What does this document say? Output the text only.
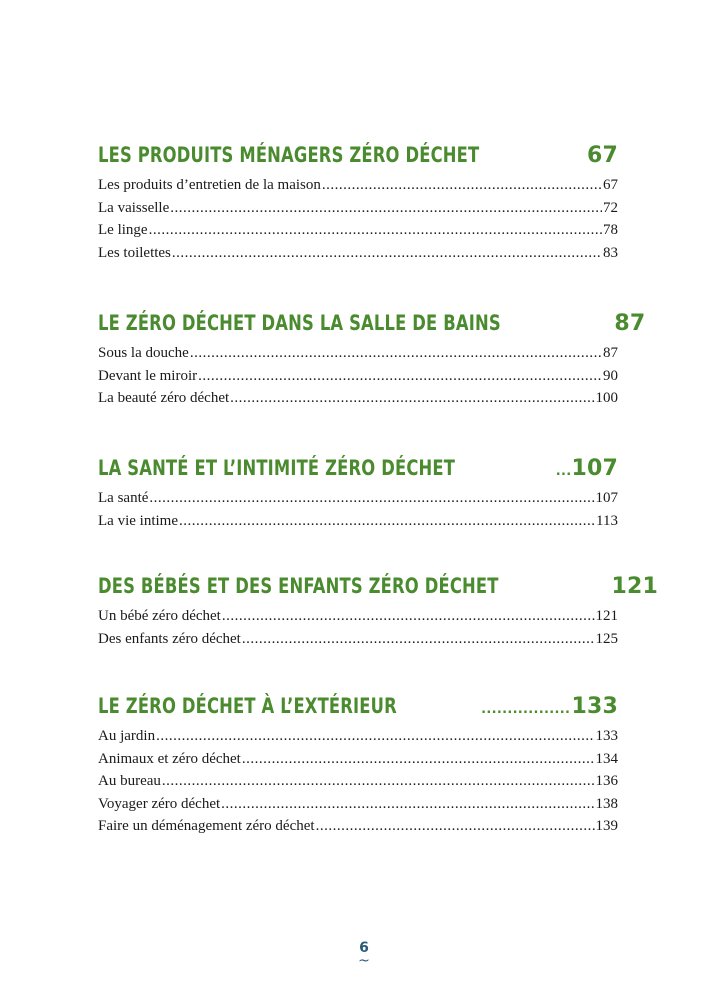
LES PRODUITS MÉNAGERS ZÉRO DÉCHET .....	67
Les produits d’entretien de la maison .....	67
La vaisselle .....	72
Le linge .....	78
Les toilettes .....	83
LE ZÉRO DÉCHET DANS LA SALLE DE BAINS	87
Sous la douche .....	87
Devant le miroir .....	90
La beauté zéro déchet .....	100
LA SANTÉ ET L’INTIMITÉ ZÉRO DÉCHET .....	107
La santé .....	107
La vie intime .....	113
DES BÉBÉS ET DES ENFANTS ZÉRO DÉCHET	121
Un bébé zéro déchet .....	121
Des enfants zéro déchet .....	125
LE ZÉRO DÉCHET À L’EXTÉRIEUR .....	133
Au jardin .....	133
Animaux et zéro déchet .....	134
Au bureau .....	136
Voyager zéro déchet .....	138
Faire un déménagement zéro déchet .....	139
6
~
